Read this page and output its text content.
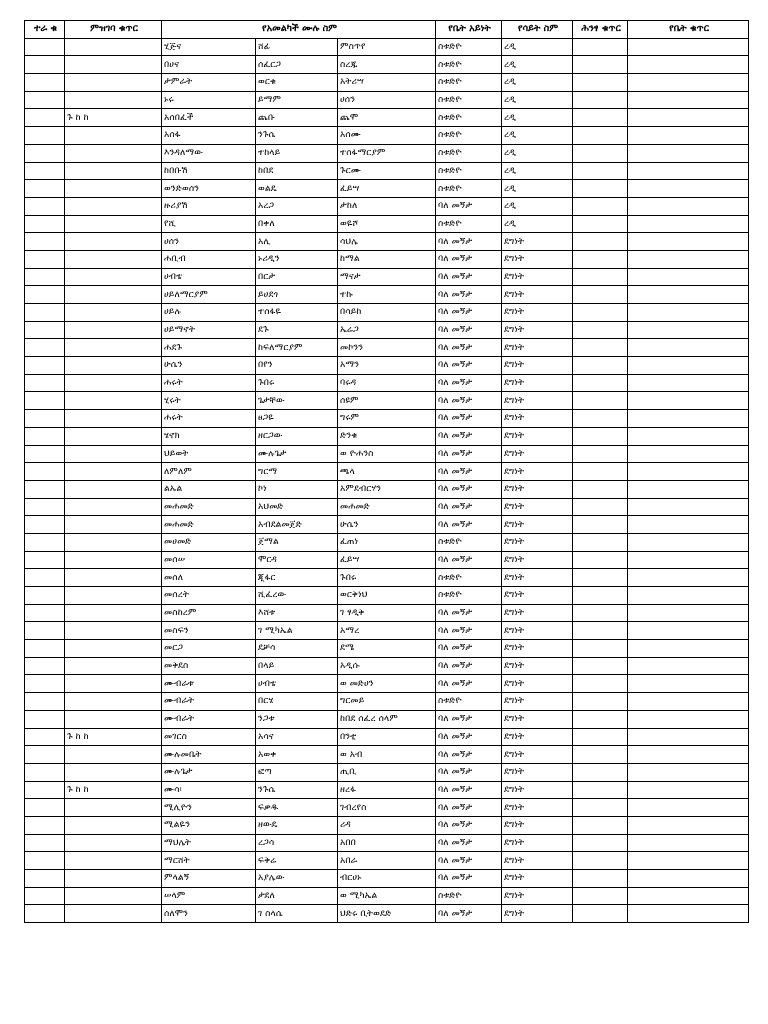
ተራ ቁ	ምዝገባ ቁጥር	የአመልካች ሙሉ ስም			የቤት አይነት	የሳይት ስም	ሕንፃ ቁጥር	የቤት ቁጥር
		ሂጅና	ሸፊ	ምስጥየ	ስቱድዮ	ረዲ		
		በሀና	ሰፈርጋ	ስረጁ	ስቱድዮ	ረዲ		
		ታምራት	ወርቁ	አትሪሣ	ስቱድዮ	ረዲ		
		ኑሩ	ይማም	ሀሰን	ስቱድዮ	ረዲ		
	ጉ ከ ከ	አሰበፈች	ጨቡ	ጨሞ	ስቱድዮ	ረዲ		
		አሰፋ	ንጉሴ	አሰሙ	ስቱድዮ	ረዲ		
		እንዳለማው	ተከላይ	ተሰፋማርያም	ስቱድዮ	ረዲ		
		ከበቡሽ	ከበደ	ጉርሙ	ስቱድዮ	ረዲ		
		ወንድወሰን	ወልዴ	ፈይሣ	ስቱድዮ	ረዲ		
		ዙሪያሽ	አረጋ	ታከለ	ባለ መኝታ	ረዲ		
		የሺ	በቀለ	ወዬሾ	ስቱድዮ	ረዲ		
		ሀሰን	አሊ	ሳህሌ	ባለ መኝታ	ደግነት		
		ሐቢብ	ኑሪዲን	ከማል	ባለ መኝታ	ደግነት		
		ሀብቴ	በርታ	ማናታ	ባለ መኝታ	ደግነት		
		ሀይለማርያም	ይሀደጎ	ተኩ	ባለ መኝታ	ደግነት		
		ሀይሉ	ተሰፋዬ	በሳይከ	ባለ መኝታ	ደግነት		
		ሀይማኖት	ደጉ	ኤሬጋ	ባለ መኝታ	ደግነት		
		ሐደጉ	ከፍለማርያም	መኮንን	ባለ መኝታ	ደግነት		
		ሁሴን	በየን	አማን	ባለ መኝታ	ደግነት		
		ሐሩት	ጉበሩ	ባሩዳ	ባለ መኝታ	ደግነት		
		ሂሩት	ጌታቸው	ሰዩም	ባለ መኝታ	ደግነት		
		ሐሩት	ፀጋዬ	ግሩም	ባለ መኝታ	ደግነት		
		ሄኖክ	ዘርጋው	ድንቁ	ባለ መኝታ	ደግነት		
		ህይወት	ሙሉጌታ	ወ ዮሐንስ	ባለ መኝታ	ደግነት		
		ለምለም	ግርማ	ጫላ	ባለ መኝታ	ደግነት		
		ልኡል	ኮነ	አምደብርሃን	ባለ መኝታ	ደግነት		
		መሐመድ	አህመድ	መሐመድ	ባለ መኝታ	ደግነት		
		መሐመድ	አብደልመጀድ	ሁሴን	ባለ መኝታ	ደግነት		
		መሀመድ	ጀማል	ፈጠነ	ስቱድዮ	ደግነት		
		መሰሠ	ሞርዳ	ፈይሣ	ባለ መኝታ	ደግነት		
		መሰለ	ጂፋር	ጉበሩ	ስቱድዮ	ደግነት		
		መሰረት	ሺፈረው	ወርቅነህ	ስቱድዮ	ደግነት		
		መስከረም	እሸቱ	ገ ፃዲቅ	ባለ መኝታ	ደግነት		
		መስፍን	ገ ሚካኤል	አማረ	ባለ መኝታ	ደግነት		
		መርጋ	ደቻሳ	ደሜ	ባለ መኝታ	ደግነት		
		መቅደስ	በላይ	አዲሱ	ባለ መኝታ	ደግነት		
		ሙብራቱ	ሀብቴ	ወ መድሀን	ባለ መኝታ	ደግነት		
		ሙብራት	በርሄ	ግርመይ	ስቱድዮ	ደግነት		
		ሙብራት	ንጋቱ	ከበደ ሰፈረ ሰላም	ባለ መኝታ	ደግነት		
	ጉ ከ ከ	መገርስ	አሳና	በንቲ	ባለ መኝታ	ደግነት		
		ሙሉመቤት	አወቀ	ወ አብ	ባለ መኝታ	ደግነት		
		ሙሉጌታ	ፎጣ	ጢቢ	ባለ መኝታ	ደግነት		
	ጉ ከ ከ	ሙሳ፡	ንጉሴ	ዘረፋ	ባለ መኝታ	ደግነት		
		ሚሊዮን	ፍቃዱ	ገብረየስ	ባለ መኝታ	ደግነት		
		ሚልዬን	ዘውዴ	ሪዳ	ባለ መኝታ	ደግነት		
		ማህሌት	ረጋሳ	አበበ	ባለ መኝታ	ደግነት		
		ማርሸት	ፍቅሬ	አበራ	ባለ መኝታ	ደግነት		
		ምላልኝ	አያሌው	ብርሀኑ	ባለ መኝታ	ደግነት		
		ሠላም	ታደለ	ወ ሚካኤል	ስቱድዮ	ደግነት		
		ሰለሞን	ገ ስላሴ	ህድሩ ቢትወደድ	ባለ መኝታ	ደግነት		
